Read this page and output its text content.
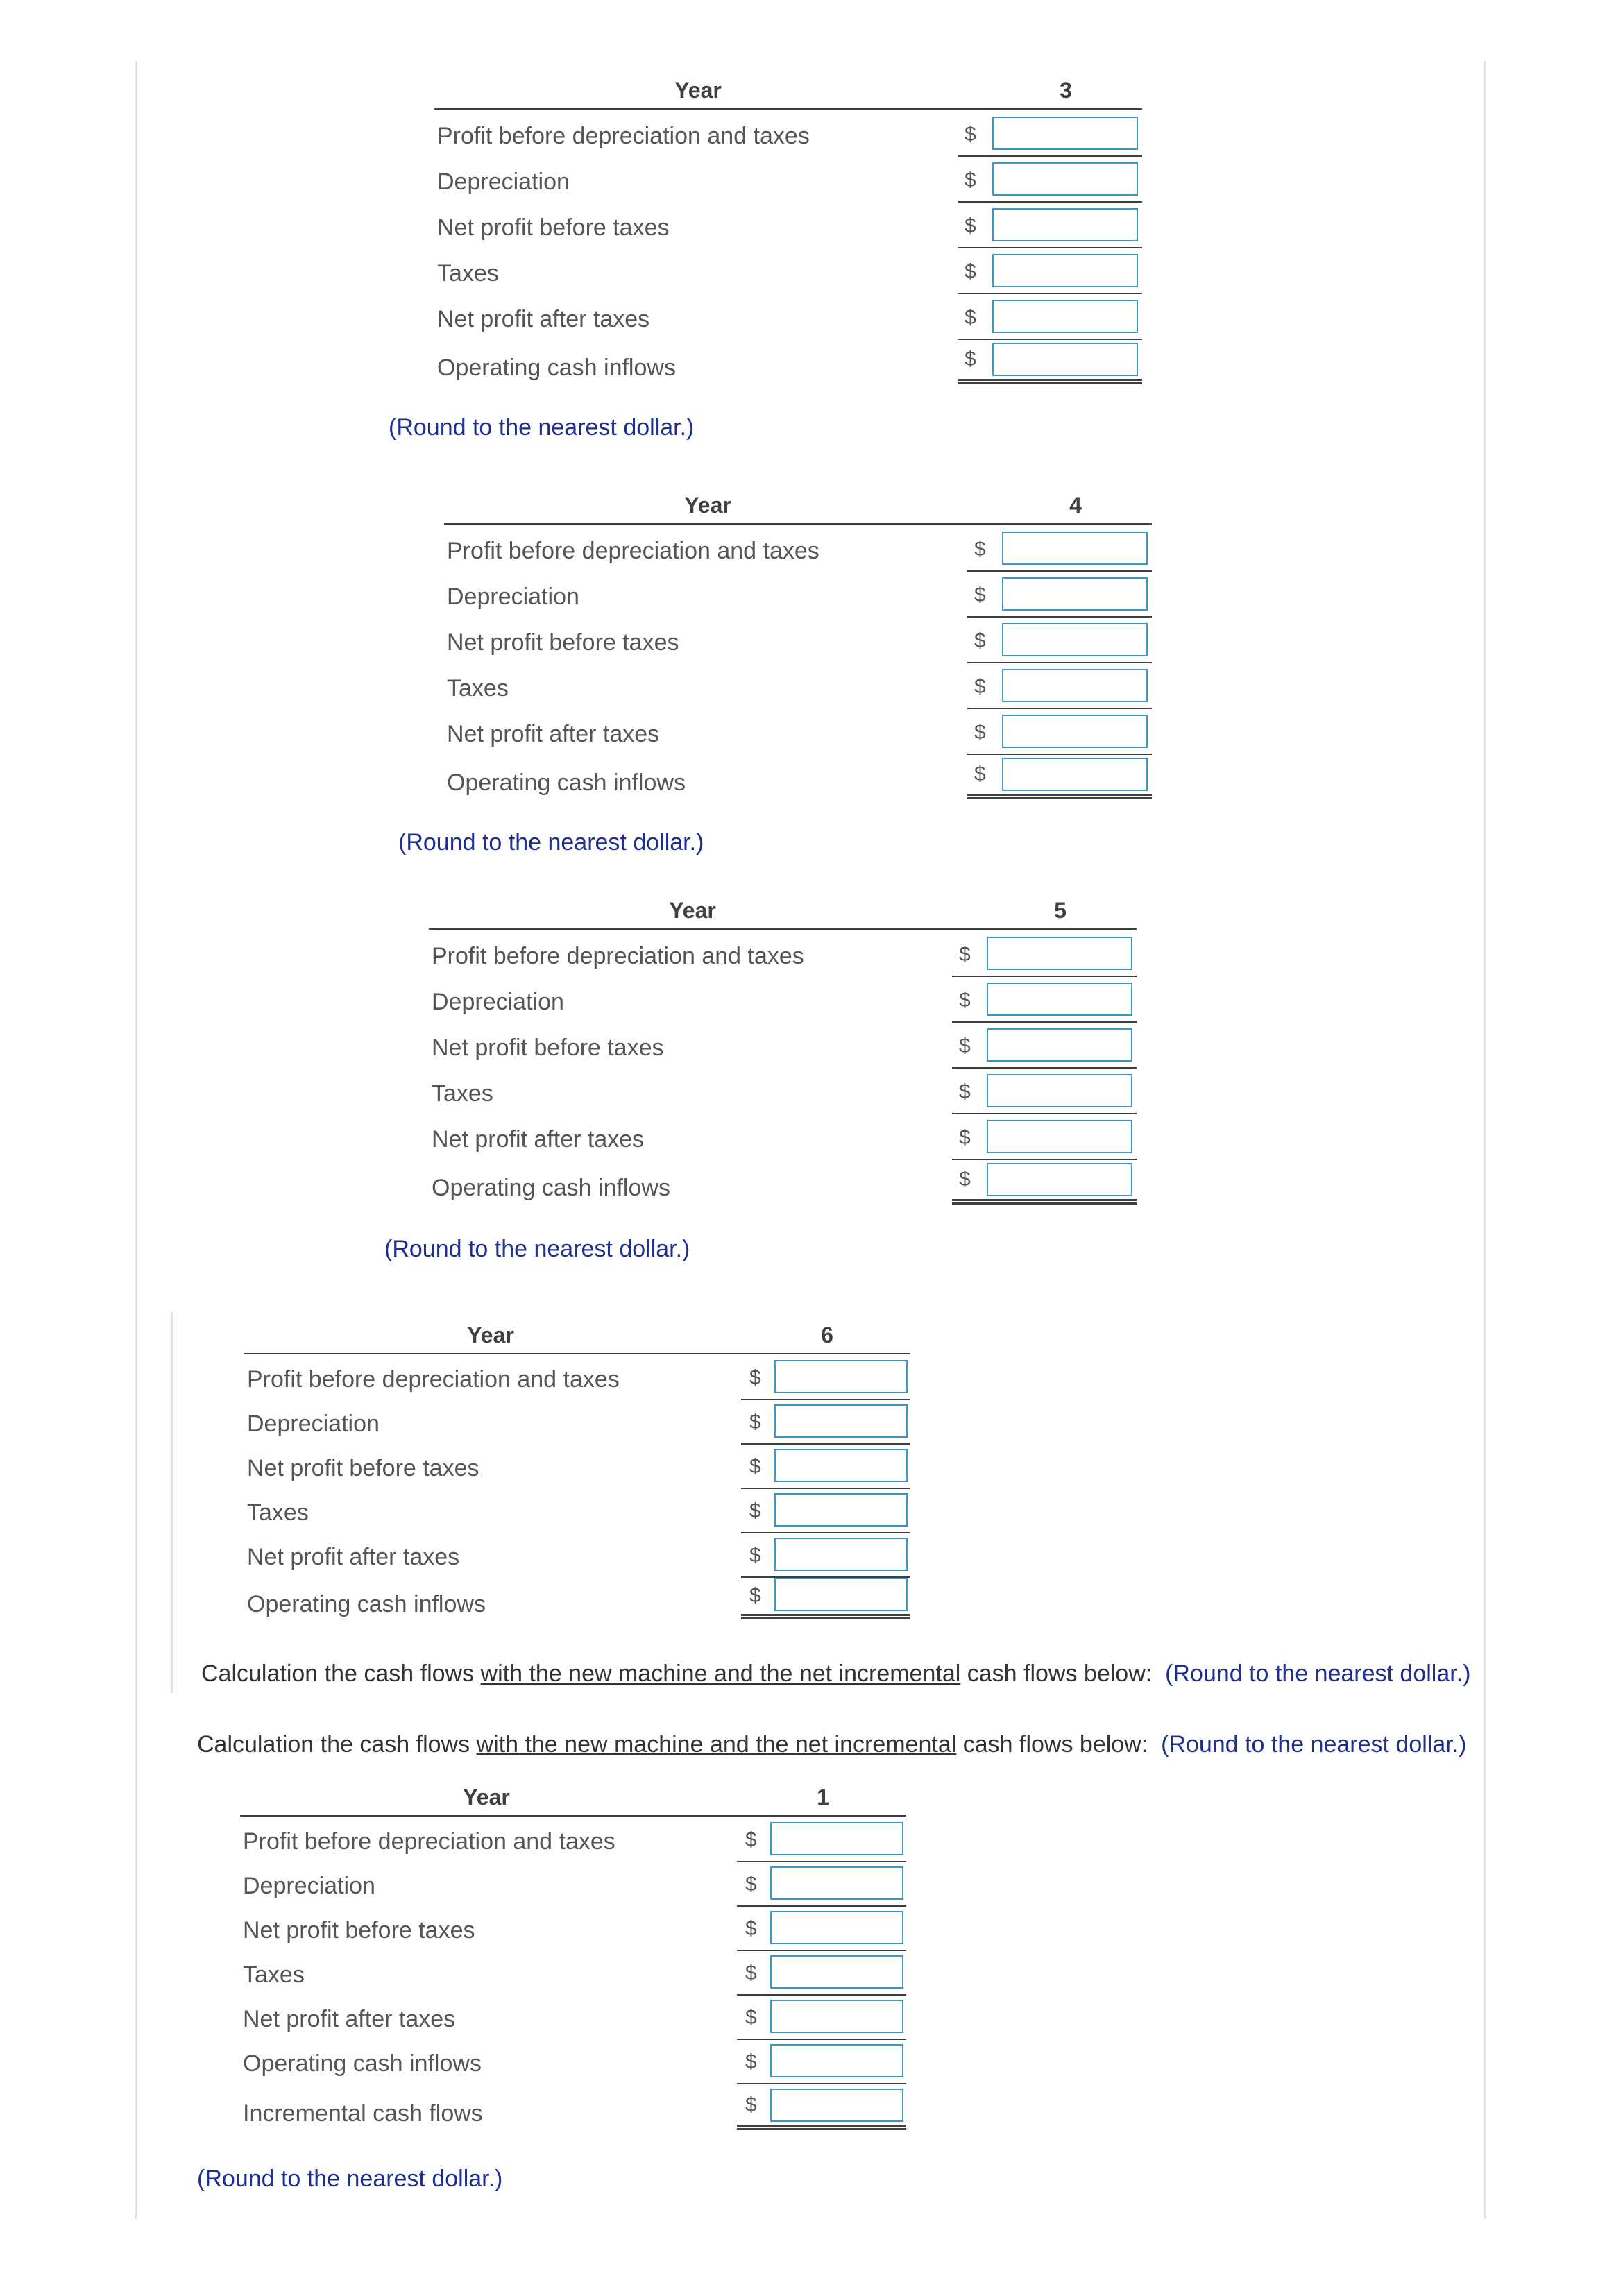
Year	3
Profit before depreciation and taxes	$
Depreciation	$
Net profit before taxes	$
Taxes	$
Net profit after taxes	$
Operating cash inflows	$
(Round to the nearest dollar.)
Year	4
Profit before depreciation and taxes	$
Depreciation	$
Net profit before taxes	$
Taxes	$
Net profit after taxes	$
Operating cash inflows	$
(Round to the nearest dollar.)
Year	5
Profit before depreciation and taxes	$
Depreciation	$
Net profit before taxes	$
Taxes	$
Net profit after taxes	$
Operating cash inflows	$
(Round to the nearest dollar.)
Year	6
Profit before depreciation and taxes	$
Depreciation	$
Net profit before taxes	$
Taxes	$
Net profit after taxes	$
Operating cash inflows	$
Calculation the cash flows with the new machine and the net incremental cash flows below: (Round to the nearest dollar.)
Calculation the cash flows with the new machine and the net incremental cash flows below: (Round to the nearest dollar.)
Year	1
Profit before depreciation and taxes	$
Depreciation	$
Net profit before taxes	$
Taxes	$
Net profit after taxes	$
Operating cash inflows	$
Incremental cash flows	$
(Round to the nearest dollar.)
